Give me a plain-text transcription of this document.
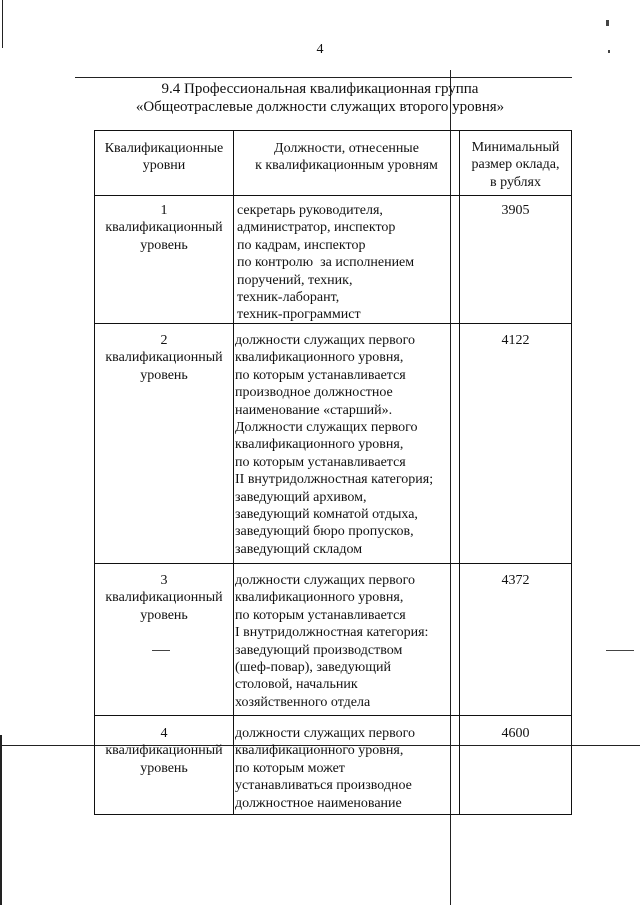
4
9.4 Профессиональная квалификационная группа
«Общеотраслевые должности служащих второго уровня»
Квалификационные
уровни
Должности, отнесенные
к квалификационным уровням
Минимальный
размер оклада,
в рублях
1
квалификационный
уровень
секретарь руководителя,
администратор, инспектор
по кадрам, инспектор
по контролю  за исполнением
поручений, техник,
техник-лаборант,
техник-программист
3905
2
квалификационный
уровень
должности служащих первого
квалификационного уровня,
по которым устанавливается
производное должностное
наименование «старший».
Должности служащих первого
квалификационного уровня,
по которым устанавливается
II внутридолжностная категория;
заведующий архивом,
заведующий комнатой отдыха,
заведующий бюро пропусков,
заведующий складом
4122
3
квалификационный
уровень
должности служащих первого
квалификационного уровня,
по которым устанавливается
I внутридолжностная категория:
заведующий производством
(шеф-повар), заведующий
столовой, начальник
хозяйственного отдела
4372
4
квалификационный
уровень
должности служащих первого
квалификационного уровня,
по которым может
устанавливаться производное
должностное наименование
4600
